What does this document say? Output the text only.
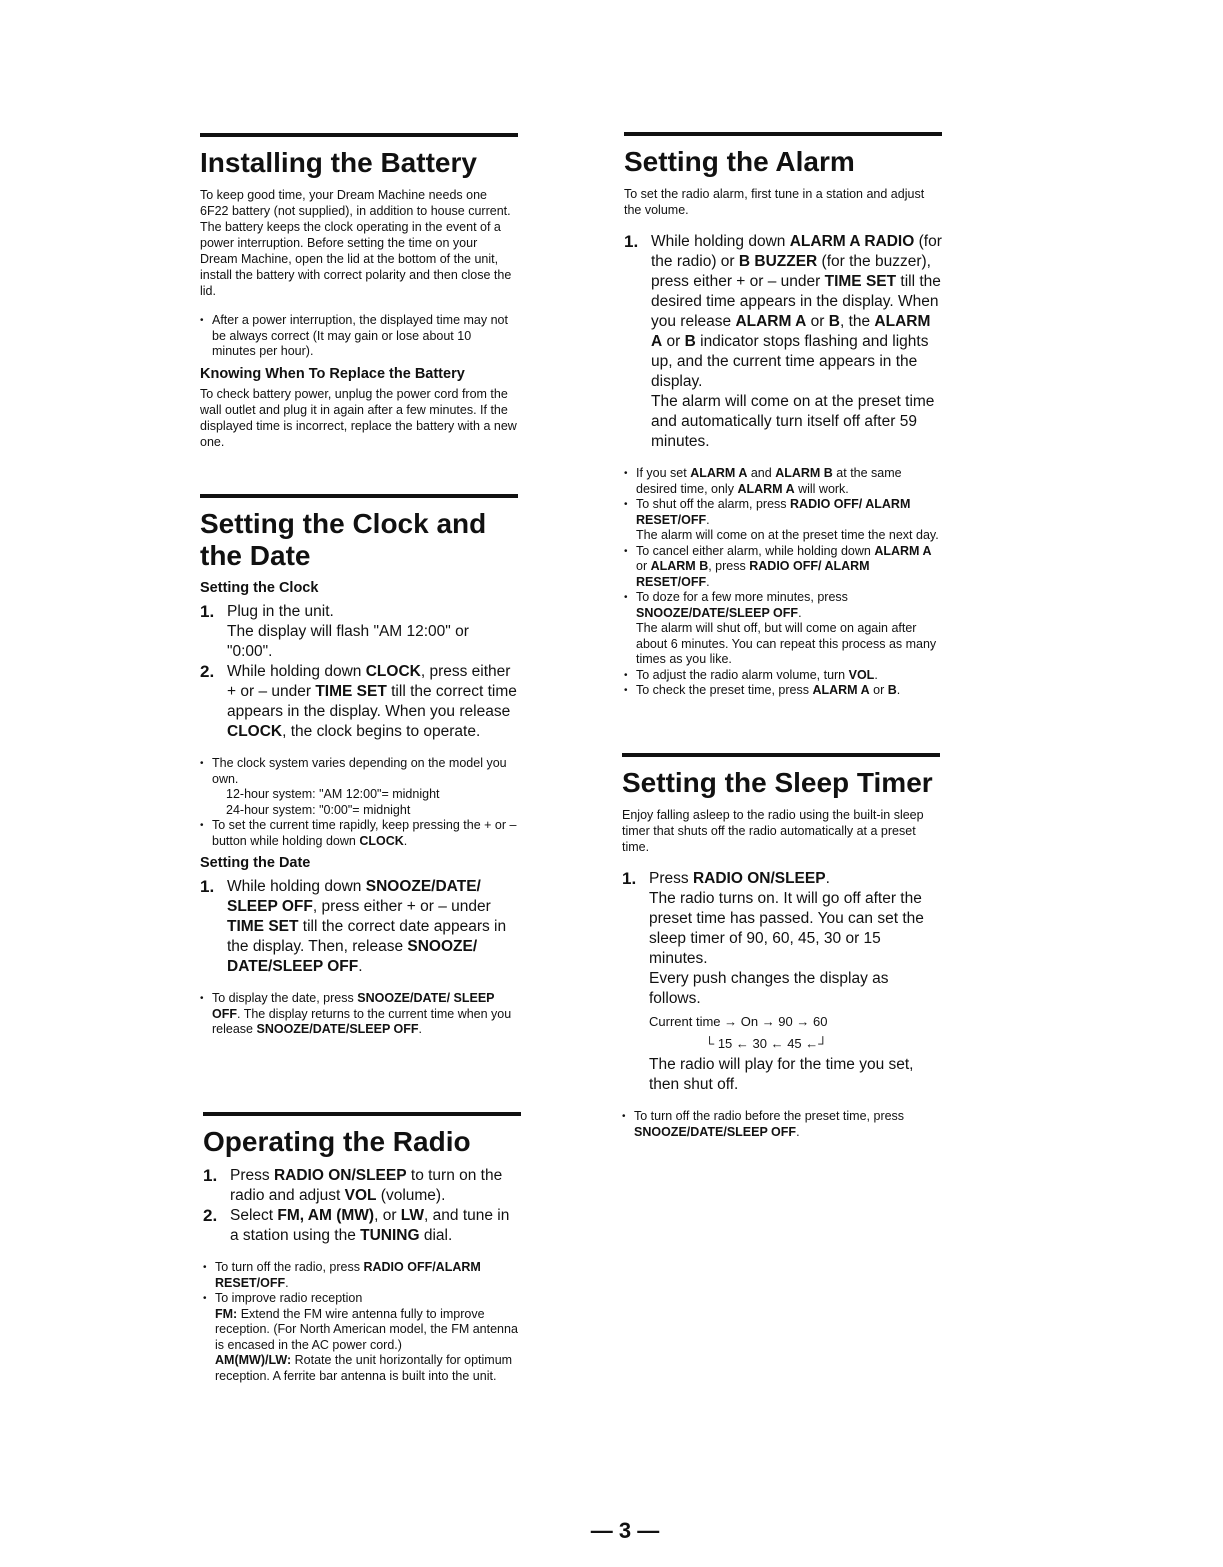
Installing the Battery

To keep good time, your Dream Machine needs one 6F22 battery (not supplied), in addition to house current. The battery keeps the clock operating in the event of a power interruption. Before setting the time on your Dream Machine, open the lid at the bottom of the unit, install the battery with correct polarity and then close the lid.

• After a power interruption, the displayed time may not be always correct (It may gain or lose about 10 minutes per hour).
Knowing When To Replace the Battery

To check battery power, unplug the power cord from the wall outlet and plug it in again after a few minutes. If the displayed time is incorrect, replace the battery with a new one.

Setting the Clock and the Date
Setting the Clock
1. Plug in the unit.
The display will flash "AM 12:00" or "0:00".
2. While holding down CLOCK, press either + or – under TIME SET till the correct time appears in the display. When you release CLOCK, the clock begins to operate.
• The clock system varies depending on the model you own.
12-hour system: "AM 12:00"= midnight
24-hour system: "0:00"= midnight
• To set the current time rapidly, keep pressing the + or – button while holding down CLOCK.
Setting the Date
1. While holding down SNOOZE/DATE/ SLEEP OFF, press either + or – under TIME SET till the correct date appears in the display. Then, release SNOOZE/ DATE/SLEEP OFF.
• To display the date, press SNOOZE/DATE/ SLEEP OFF. The display returns to the current time when you release SNOOZE/DATE/SLEEP OFF.
Operating the Radio
1. Press RADIO ON/SLEEP to turn on the radio and adjust VOL (volume).
2. Select FM, AM (MW), or LW, and tune in a station using the TUNING dial.
• To turn off the radio, press RADIO OFF/ALARM RESET/OFF.
• To improve radio reception
FM: Extend the FM wire antenna fully to improve reception. (For North American model, the FM antenna is encased in the AC power cord.)
AM(MW)/LW: Rotate the unit horizontally for optimum reception. A ferrite bar antenna is built into the unit.
Setting the Alarm

To set the radio alarm, first tune in a station and adjust the volume.

1. While holding down ALARM A RADIO (for the radio) or B BUZZER (for the buzzer), press either + or – under TIME SET till the desired time appears in the display. When you release ALARM A or B, the ALARM A or B indicator stops flashing and lights up, and the current time appears in the display.
The alarm will come on at the preset time and automatically turn itself off after 59 minutes.
• If you set ALARM A and ALARM B at the same desired time, only ALARM A will work.
• To shut off the alarm, press RADIO OFF/ ALARM RESET/OFF.
The alarm will come on at the preset time the next day.
• To cancel either alarm, while holding down ALARM A or ALARM B, press RADIO OFF/ ALARM RESET/OFF.
• To doze for a few more minutes, press SNOOZE/DATE/SLEEP OFF.
The alarm will shut off, but will come on again after about 6 minutes. You can repeat this process as many times as you like.
• To adjust the radio alarm volume, turn VOL.
• To check the preset time, press ALARM A or B.
Setting the Sleep Timer

Enjoy falling asleep to the radio using the built-in sleep timer that shuts off the radio automatically at a preset time.

1. Press RADIO ON/SLEEP.
The radio turns on. It will go off after the preset time has passed. You can set the sleep timer of 90, 60, 45, 30 or 15 minutes.
Every push changes the display as follows.
Current time → On → 90 → 60
└ 15 ← 30 ← 45 ←┘
The radio will play for the time you set, then shut off.
• To turn off the radio before the preset time, press SNOOZE/DATE/SLEEP OFF.
— 3 —
